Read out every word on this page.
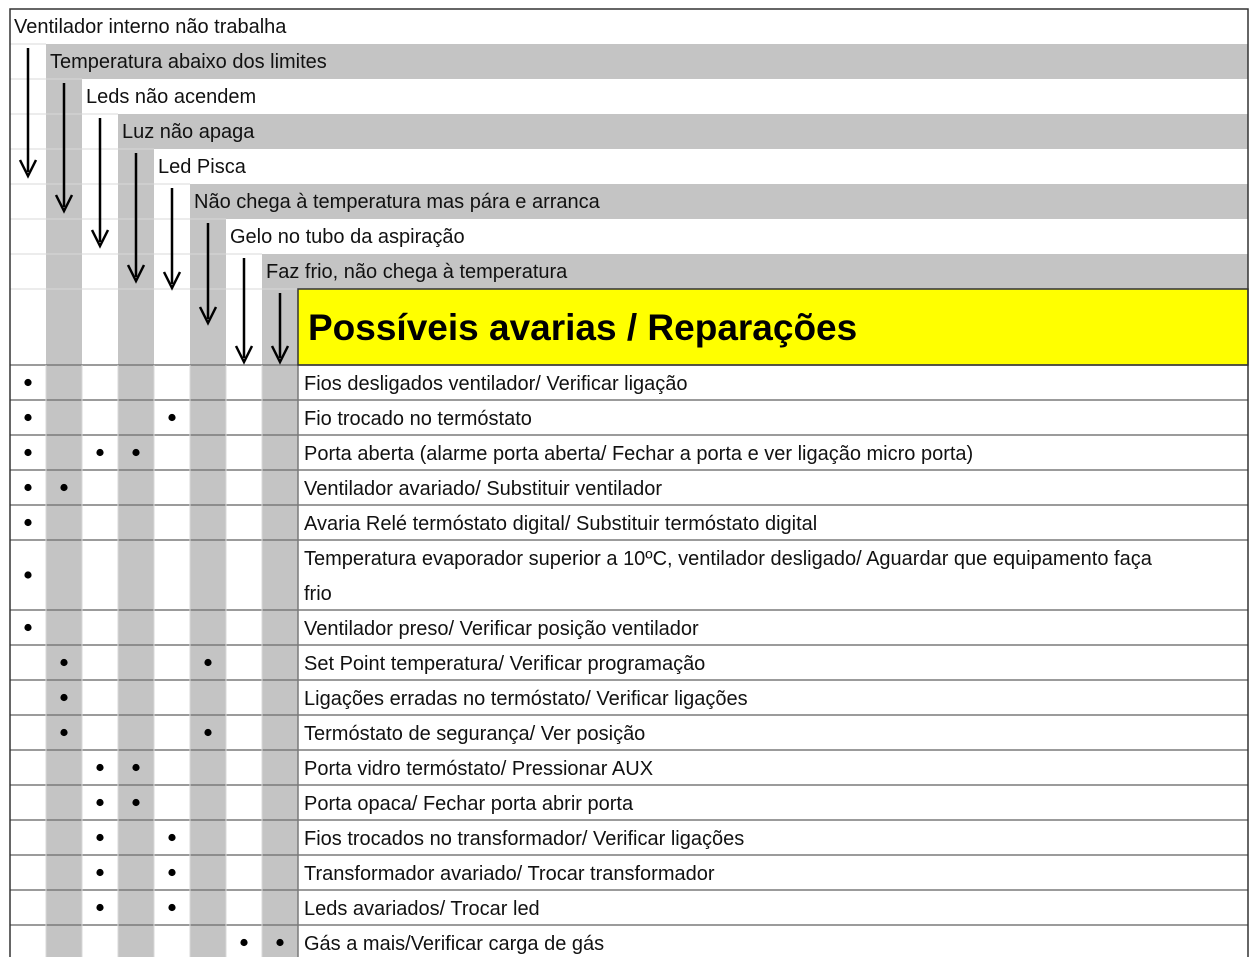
Ventilador interno não trabalha
Temperatura abaixo dos limites
Leds não acendem
Luz não apaga
Led Pisca
Não chega à temperatura mas pára e arranca
Gelo no tubo da aspiração
Faz frio, não chega à temperatura
Possíveis avarias / Reparações
Fios desligados ventilador/ Verificar ligação
Fio trocado no termóstato
Porta aberta (alarme porta aberta/ Fechar a porta e ver ligação micro porta)
Ventilador avariado/ Substituir ventilador
Avaria Relé termóstato digital/ Substituir termóstato digital
Temperatura evaporador superior a 10ºC, ventilador desligado/ Aguardar que equipamento faça
frio
Ventilador preso/ Verificar posição ventilador
Set Point temperatura/ Verificar programação
Ligações erradas no termóstato/ Verificar ligações
Termóstato de segurança/ Ver posição
Porta vidro termóstato/ Pressionar AUX
Porta opaca/ Fechar porta abrir porta
Fios trocados no transformador/ Verificar ligações
Transformador avariado/ Trocar transformador
Leds avariados/ Trocar led
Gás a mais/Verificar carga de gás
